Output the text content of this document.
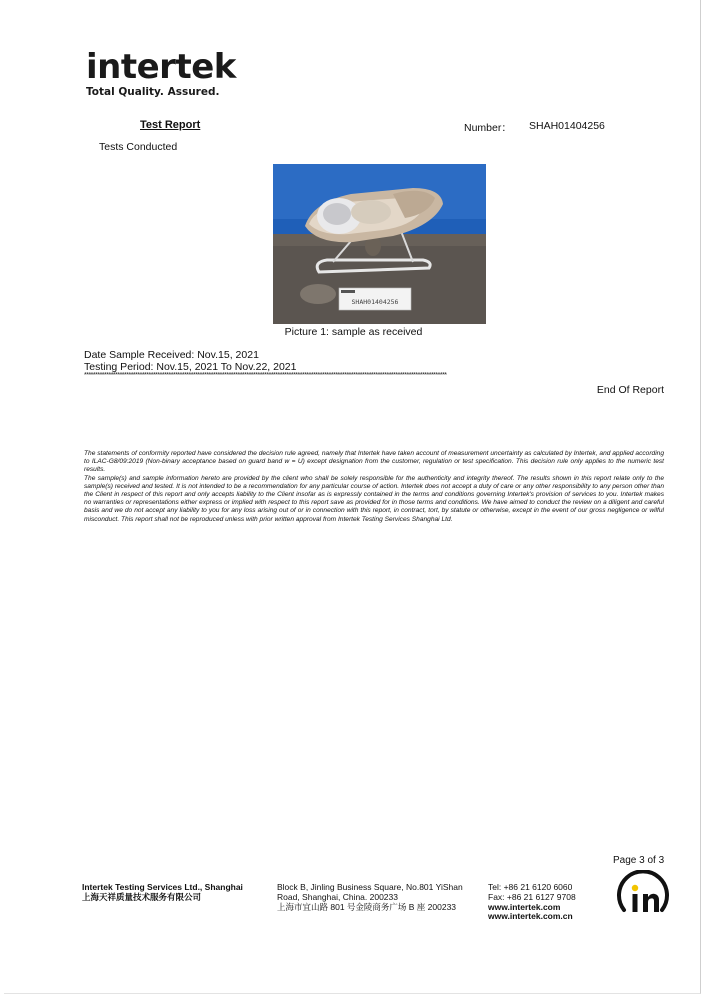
intertek
Total Quality. Assured.
Test Report	Number： SHAH01404256
Tests Conducted
SHAH01404256
Picture 1: sample as received
Date Sample Received: Nov.15, 2021
Testing Period: Nov.15, 2021 To Nov.22, 2021
*******************************************************************************************************************************************************************
End Of Report

The statements of conformity reported have considered the decision rule agreed, namely that Intertek have taken account of measurement uncertainty as calculated by Intertek, and applied according to ILAC-G8/09:2019 (Non-binary acceptance based on guard band w = U) except designation from the customer, regulation or test specification. This decision rule only applies to the numeric test results.

The sample(s) and sample information hereto are provided by the client who shall be solely responsible for the authenticity and integrity thereof. The results shown in this report relate only to the sample(s) received and tested. It is not intended to be a recommendation for any particular course of action. Intertek does not accept a duty of care or any other responsibility to any person other than the Client in respect of this report and only accepts liability to the Client insofar as is expressly contained in the terms and conditions governing Intertek's provision of services to you. Intertek makes no warranties or representations either express or implied with respect to this report save as provided for in those terms and conditions. We have aimed to conduct the review on a diligent and careful basis and we do not accept any liability to you for any loss arising out of or in connection with this report, in contract, tort, by statute or otherwise, except in the event of our gross negligence or wilful misconduct. This report shall not be reproduced unless with prior written approval from Intertek Testing Services Shanghai Ltd.

Page 3 of 3
Intertek Testing Services Ltd., Shanghai
上海天祥质量技术服务有限公司
Block B, Jinling Business Square, No.801 YiShan
Road, Shanghai, China. 200233
上海市宜山路 801 号金陵商务广场 B 座 200233
Tel: +86 21 6120 6060
Fax: +86 21 6127 9708
www.intertek.com
www.intertek.com.cn
